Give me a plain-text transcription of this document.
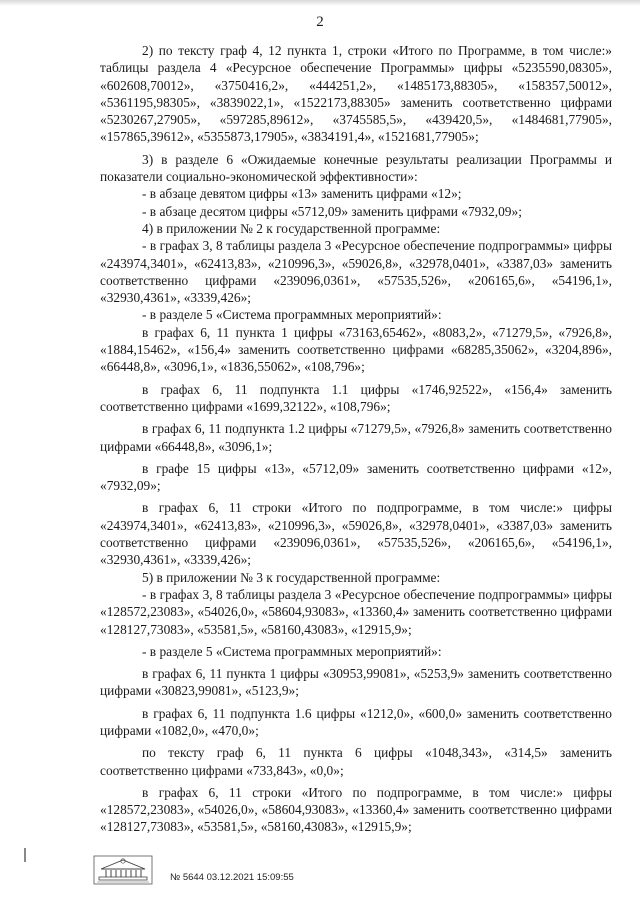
2

2) по тексту граф 4, 12 пункта 1, строки «Итого по Программе, в том числе:» таблицы раздела 4 «Ресурсное обеспечение Программы» цифры «5235590,08305», «602608,70012», «3750416,2», «444251,2», «1485173,88305», «158357,50012», «5361195,98305», «3839022,1», «1522173,88305» заменить соответственно цифрами «5230267,27905», «597285,89612», «3745585,5», «439420,5», «1484681,77905», «157865,39612», «5355873,17905», «3834191,4», «1521681,77905»;

3) в разделе 6 «Ожидаемые конечные результаты реализации Программы и показатели социально-экономической эффективности»:

- в абзаце девятом цифры «13» заменить цифрами «12»;

- в абзаце десятом цифры «5712,09» заменить цифрами «7932,09»;

4) в приложении № 2 к государственной программе:

- в графах 3, 8 таблицы раздела 3 «Ресурсное обеспечение подпрограммы» цифры «243974,3401», «62413,83», «210996,3», «59026,8», «32978,0401», «3387,03» заменить соответственно цифрами «239096,0361», «57535,526», «206165,6», «54196,1», «32930,4361», «3339,426»;

- в разделе 5 «Система программных мероприятий»:

в графах 6, 11 пункта 1 цифры «73163,65462», «8083,2», «71279,5», «7926,8», «1884,15462», «156,4» заменить соответственно цифрами «68285,35062», «3204,896», «66448,8», «3096,1», «1836,55062», «108,796»;

в графах 6, 11 подпункта 1.1 цифры «1746,92522», «156,4» заменить соответственно цифрами «1699,32122», «108,796»;

в графах 6, 11 подпункта 1.2 цифры «71279,5», «7926,8» заменить соответственно цифрами «66448,8», «3096,1»;

в графе 15 цифры «13», «5712,09» заменить соответственно цифрами «12», «7932,09»;

в графах 6, 11 строки «Итого по подпрограмме, в том числе:» цифры «243974,3401», «62413,83», «210996,3», «59026,8», «32978,0401», «3387,03» заменить соответственно цифрами «239096,0361», «57535,526», «206165,6», «54196,1», «32930,4361», «3339,426»;

5) в приложении № 3 к государственной программе:

- в графах 3, 8 таблицы раздела 3 «Ресурсное обеспечение подпрограммы» цифры «128572,23083», «54026,0», «58604,93083», «13360,4» заменить соответственно цифрами «128127,73083», «53581,5», «58160,43083», «12915,9»;

- в разделе 5 «Система программных мероприятий»:

в графах 6, 11 пункта 1 цифры «30953,99081», «5253,9» заменить соответственно цифрами «30823,99081», «5123,9»;

в графах 6, 11 подпункта 1.6 цифры «1212,0», «600,0» заменить соответственно цифрами «1082,0», «470,0»;

по тексту граф 6, 11 пункта 6 цифры «1048,343», «314,5» заменить соответственно цифрами «733,843», «0,0»;

в графах 6, 11 строки «Итого по подпрограмме, в том числе:» цифры «128572,23083», «54026,0», «58604,93083», «13360,4» заменить соответственно цифрами «128127,73083», «53581,5», «58160,43083», «12915,9»;

№ 5644 03.12.2021 15:09:55
